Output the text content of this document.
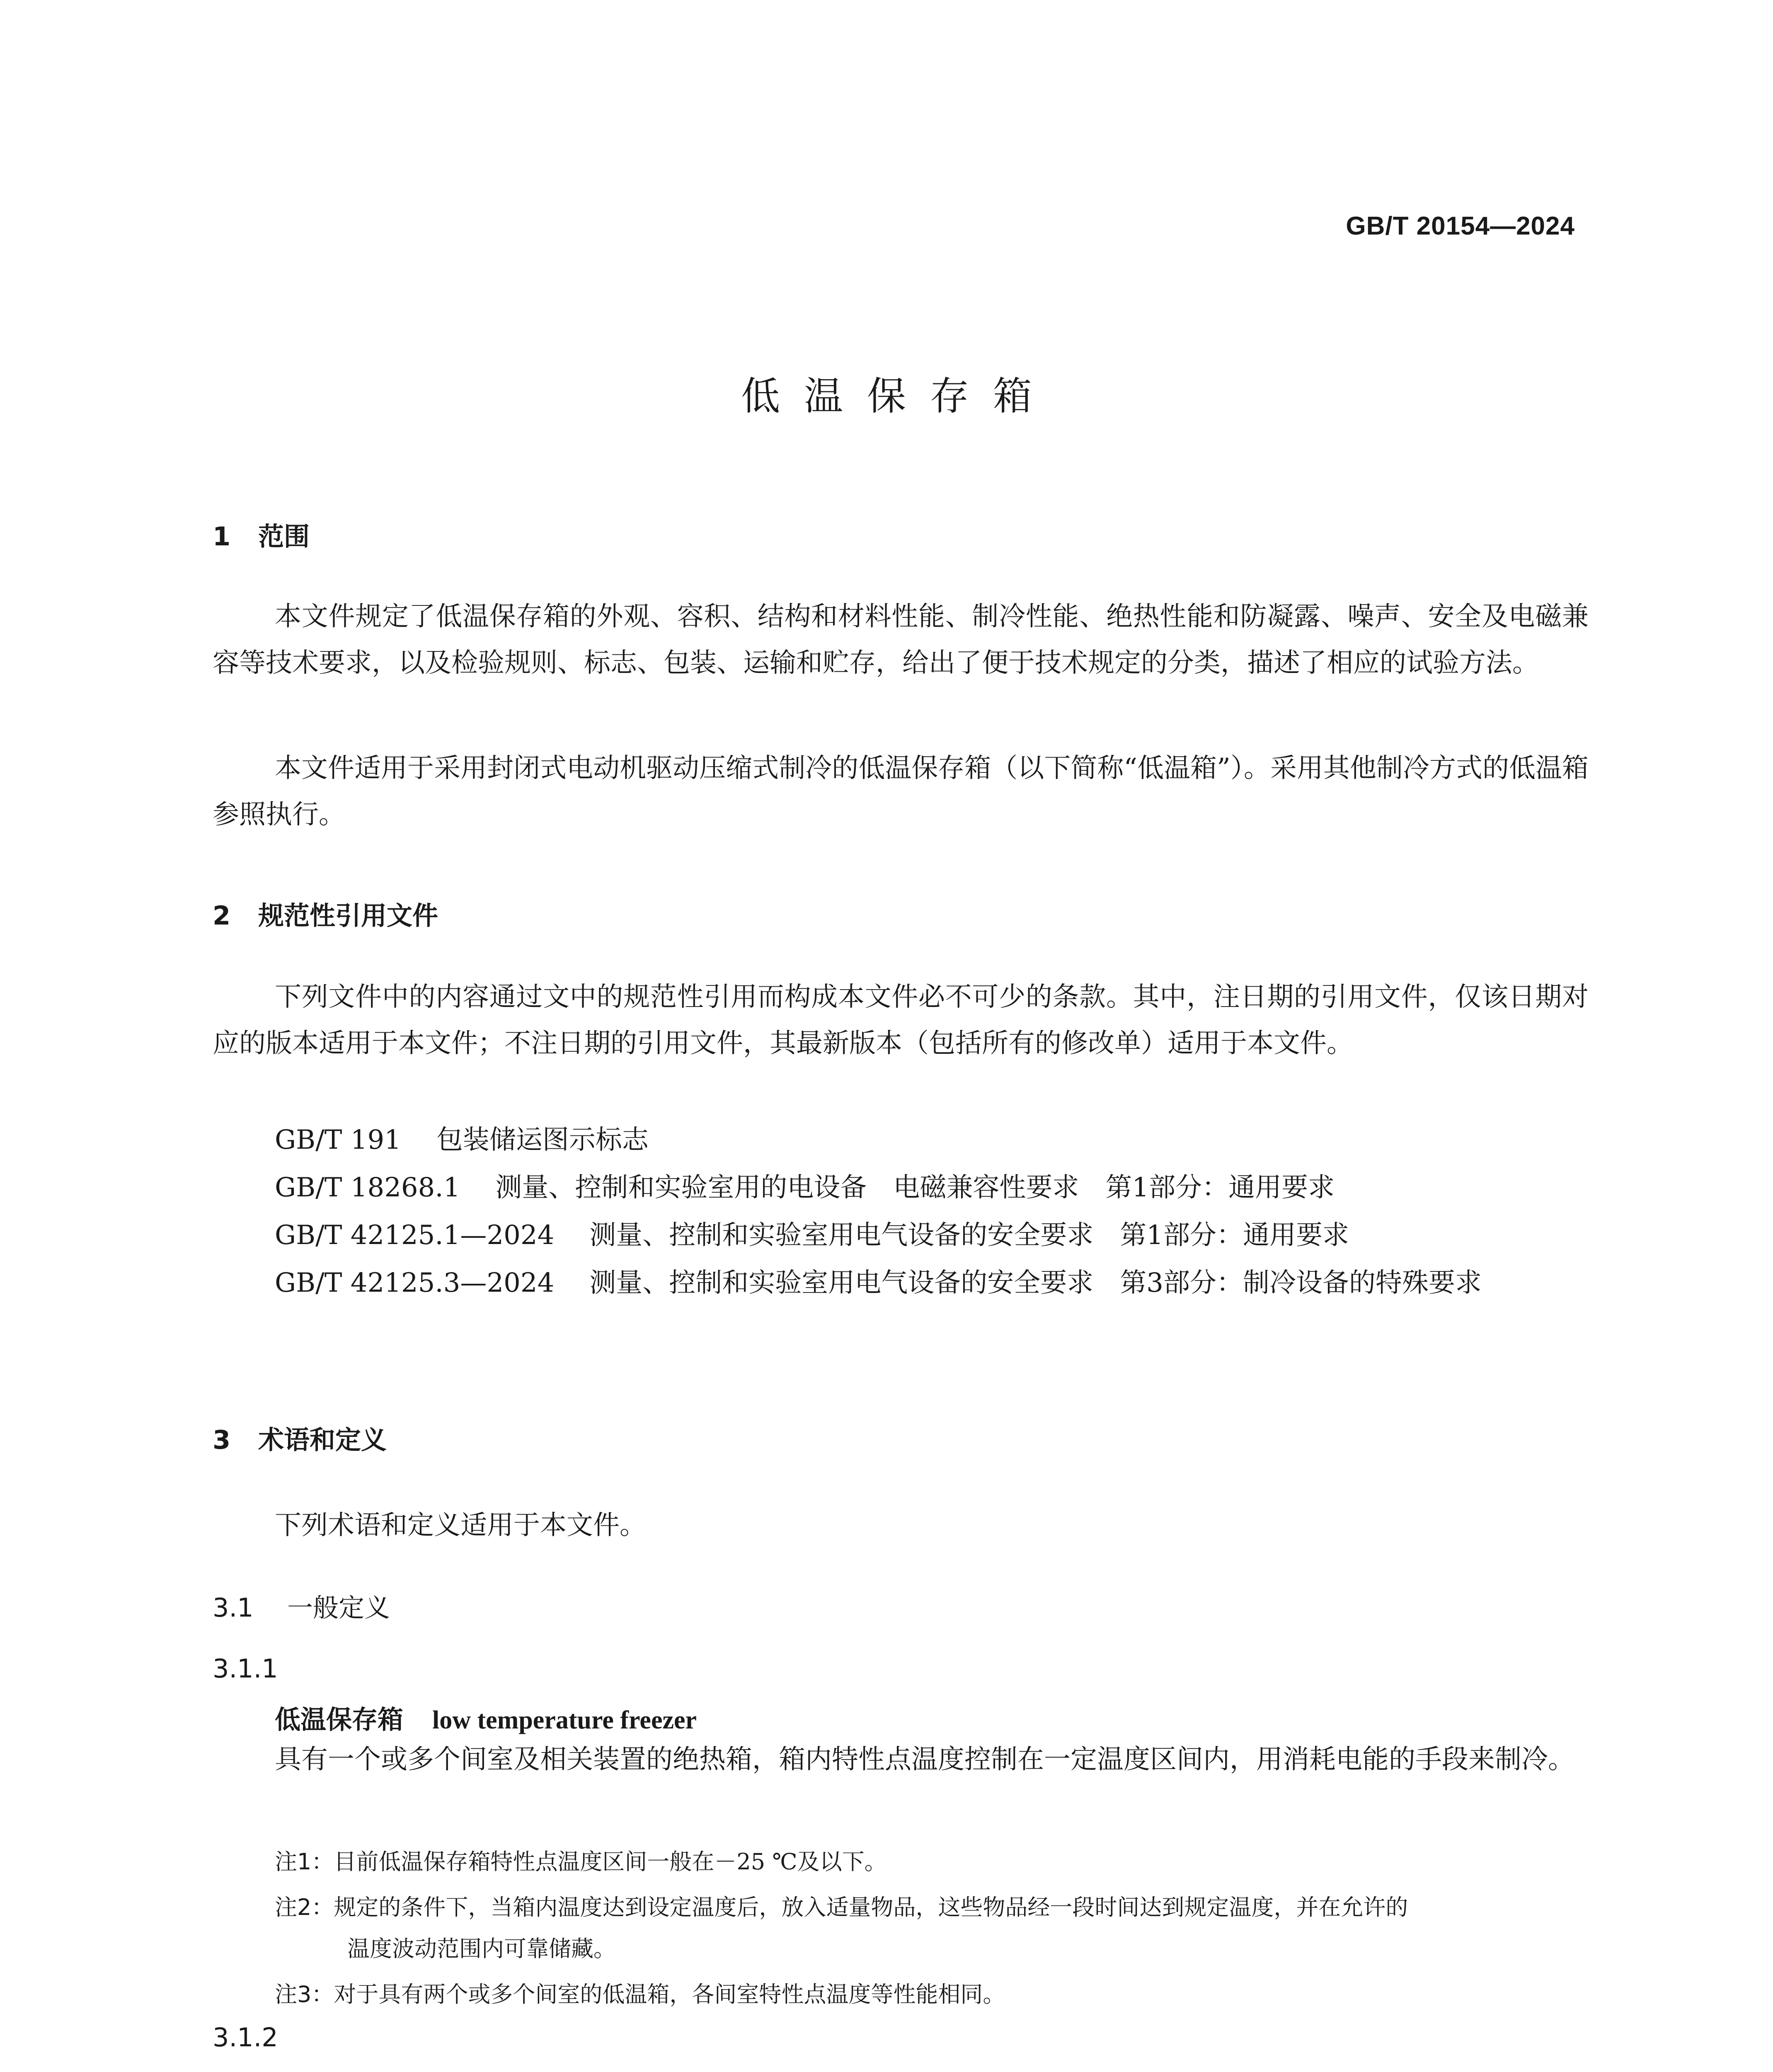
GB/T 20154—2024
低温保存箱
1 范围

本文件规定了低温保存箱的外观、容积、结构和材料性能、制冷性能、绝热性能和防凝露、噪声、安全及电磁兼容等技术要求，以及检验规则、标志、包装、运输和贮存，给出了便于技术规定的分类，描述了相应的试验方法。

本文件适用于采用封闭式电动机驱动压缩式制冷的低温保存箱（以下简称“低温箱”）。采用其他制冷方式的低温箱参照执行。

2 规范性引用文件

下列文件中的内容通过文中的规范性引用而构成本文件必不可少的条款。其中，注日期的引用文件，仅该日期对应的版本适用于本文件；不注日期的引用文件，其最新版本（包括所有的修改单）适用于本文件。

GB/T 191 包装储运图示标志
GB/T 18268.1 测量、控制和实验室用的电设备　电磁兼容性要求　第1部分：通用要求
GB/T 42125.1—2024 测量、控制和实验室用电气设备的安全要求　第1部分：通用要求
GB/T 42125.3—2024 测量、控制和实验室用电气设备的安全要求　第3部分：制冷设备的特殊要求
3 术语和定义

下列术语和定义适用于本文件。

3.1 一般定义
3.1.1
低温保存箱 low temperature freezer

具有一个或多个间室及相关装置的绝热箱，箱内特性点温度控制在一定温度区间内，用消耗电能的手段来制冷。

注1：目前低温保存箱特性点温度区间一般在－25 ℃及以下。
注2：规定的条件下，当箱内温度达到设定温度后，放入适量物品，这些物品经一段时间达到规定温度，并在允许的
温度波动范围内可靠储藏。
注3：对于具有两个或多个间室的低温箱，各间室特性点温度等性能相同。
3.1.2
